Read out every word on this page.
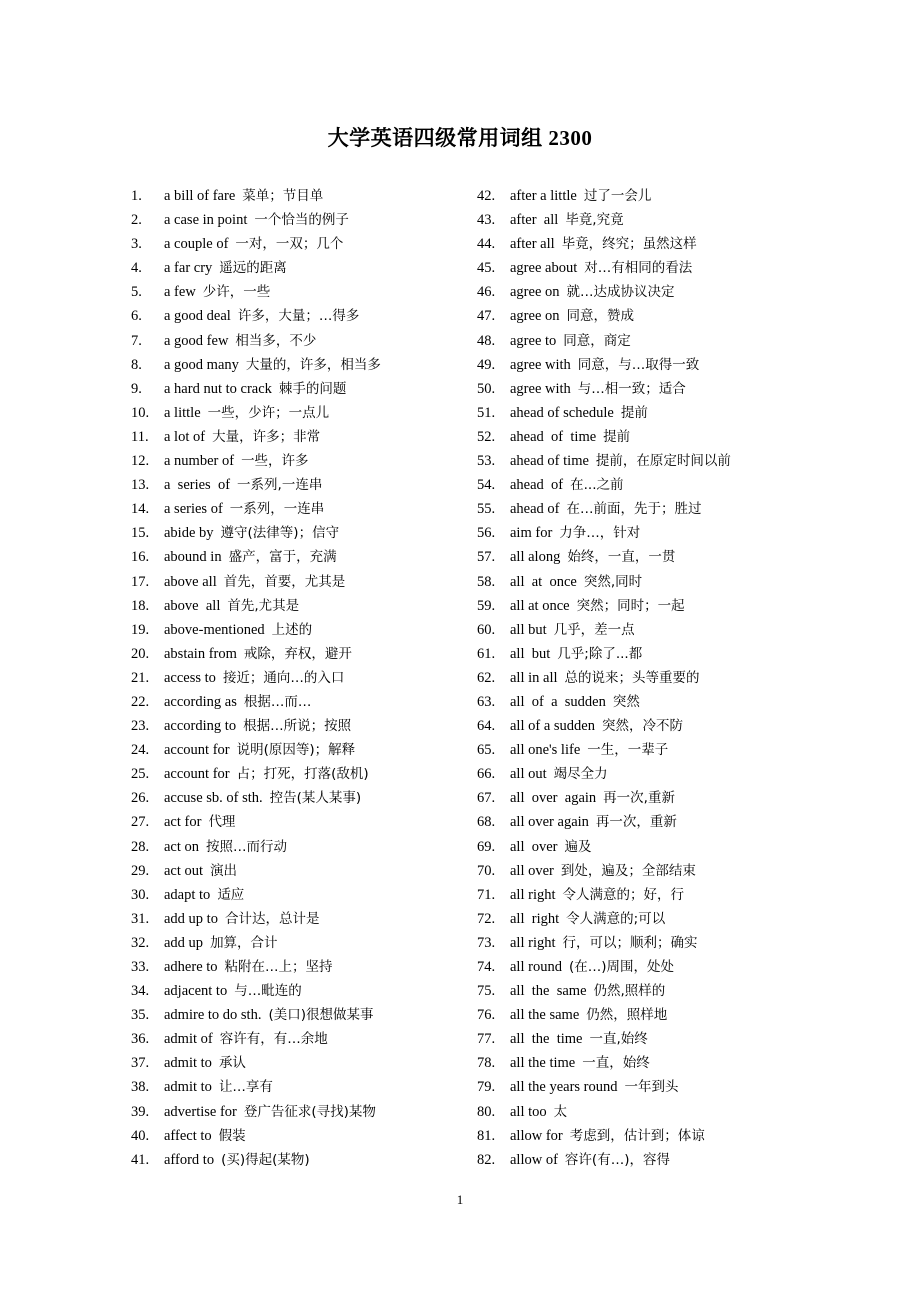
大学英语四级常用词组 2300
1. a bill of fare 菜单；节目单
2. a case in point 一个恰当的例子
3. a couple of 一对，一双；几个
4. a far cry 遥远的距离
5. a few 少许，一些
6. a good deal 许多，大量；…得多
7. a good few 相当多，不少
8. a good many 大量的，许多，相当多
9. a hard nut to crack 棘手的问题
10. a little 一些，少许；一点儿
11. a lot of 大量，许多；非常
12. a number of 一些，许多
13. a  series  of 一系列,一连串
14. a series of 一系列，一连串
15. abide by 遵守(法律等)；信守
16. abound in 盛产，富于，充满
17. above all 首先，首要，尤其是
18. above  all 首先,尤其是
19. above-mentioned 上述的
20. abstain from 戒除，弃权，避开
21. access to 接近；通向…的入口
22. according as 根据…而…
23. according to 根据…所说；按照
24. account for 说明(原因等)；解释
25. account for 占；打死，打落(敌机)
26. accuse sb. of sth. 控告(某人某事)
27. act for 代理
28. act on 按照…而行动
29. act out 演出
30. adapt to 适应
31. add up to 合计达，总计是
32. add up 加算，合计
33. adhere to 粘附在…上；坚持
34. adjacent to 与…毗连的
35. admire to do sth. (美口)很想做某事
36. admit of 容许有，有…余地
37. admit to 承认
38. admit to 让…享有
39. advertise for 登广告征求(寻找)某物
40. affect to 假装
41. afford to (买)得起(某物)
42. after a little 过了一会儿
43. after  all 毕竟,究竟
44. after all 毕竟，终究；虽然这样
45. agree about 对…有相同的看法
46. agree on 就…达成协议决定
47. agree on 同意，赞成
48. agree to 同意，商定
49. agree with 同意，与…取得一致
50. agree with 与…相一致；适合
51. ahead of schedule 提前
52. ahead  of  time 提前
53. ahead of time 提前，在原定时间以前
54. ahead  of 在...之前
55. ahead of 在…前面，先于；胜过
56. aim for 力争…，针对
57. all along 始终，一直，一贯
58. all  at  once 突然,同时
59. all at once 突然；同时；一起
60. all but 几乎，差一点
61. all  but 几乎;除了...都
62. all in all 总的说来；头等重要的
63. all  of  a  sudden 突然
64. all of a sudden 突然，冷不防
65. all one's life 一生，一辈子
66. all out 竭尽全力
67. all  over  again 再一次,重新
68. all over again 再一次，重新
69. all  over 遍及
70. all over 到处，遍及；全部结束
71. all right 令人满意的；好，行
72. all  right 令人满意的;可以
73. all right 行，可以；顺利；确实
74. all round (在…)周围，处处
75. all  the  same 仍然,照样的
76. all the same 仍然，照样地
77. all  the  time 一直,始终
78. all the time 一直，始终
79. all the years round 一年到头
80. all too 太
81. allow for 考虑到，估计到；体谅
82. allow of 容许(有…)，容得
1
